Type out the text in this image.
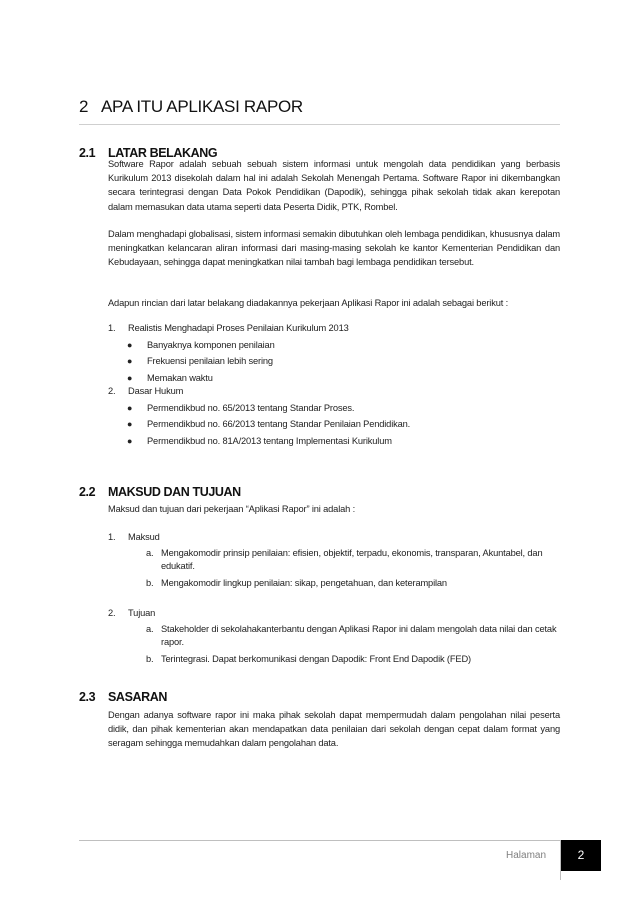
2 APA ITU APLIKASI RAPOR
2.1 LATAR BELAKANG
Software Rapor adalah sebuah sebuah sistem informasi untuk mengolah data pendidikan yang berbasis Kurikulum 2013 disekolah dalam hal ini adalah Sekolah Menengah Pertama. Software Rapor ini dikembangkan secara terintegrasi dengan Data Pokok Pendidikan (Dapodik), sehingga pihak sekolah tidak akan kerepotan dalam memasukan data utama seperti data Peserta Didik, PTK, Rombel.
Dalam menghadapi globalisasi, sistem informasi semakin dibutuhkan oleh lembaga pendidikan, khususnya dalam meningkatkan kelancaran aliran informasi dari masing-masing sekolah ke kantor Kementerian Pendidikan dan Kebudayaan, sehingga dapat meningkatkan nilai tambah bagi lembaga pendidikan tersebut.
Adapun rincian dari latar belakang diadakannya pekerjaan Aplikasi Rapor ini adalah sebagai berikut :
1. Realistis Menghadapi Proses Penilaian Kurikulum 2013
● Banyaknya komponen penilaian
● Frekuensi penilaian lebih sering
● Memakan waktu
2. Dasar Hukum
● Permendikbud no. 65/2013 tentang Standar Proses.
● Permendikbud no. 66/2013 tentang Standar Penilaian Pendidikan.
● Permendikbud no. 81A/2013 tentang Implementasi Kurikulum
2.2 MAKSUD DAN TUJUAN
Maksud dan tujuan dari pekerjaan “Aplikasi Rapor” ini adalah :
1. Maksud
a. Mengakomodir prinsip penilaian: efisien, objektif, terpadu, ekonomis, transparan, Akuntabel, dan edukatif.
b. Mengakomodir lingkup penilaian: sikap, pengetahuan, dan keterampilan
2. Tujuan
a. Stakeholder di sekolahakanterbantu dengan Aplikasi Rapor ini dalam mengolah data nilai dan cetak rapor.
b. Terintegrasi. Dapat berkomunikasi dengan Dapodik: Front End Dapodik (FED)
2.3 SASARAN
Dengan adanya software rapor ini maka pihak sekolah dapat mempermudah dalam pengolahan nilai peserta didik, dan pihak kementerian akan mendapatkan data penilaian dari sekolah dengan cepat dalam format yang seragam sehingga memudahkan dalam pengolahan data.
Halaman	2
